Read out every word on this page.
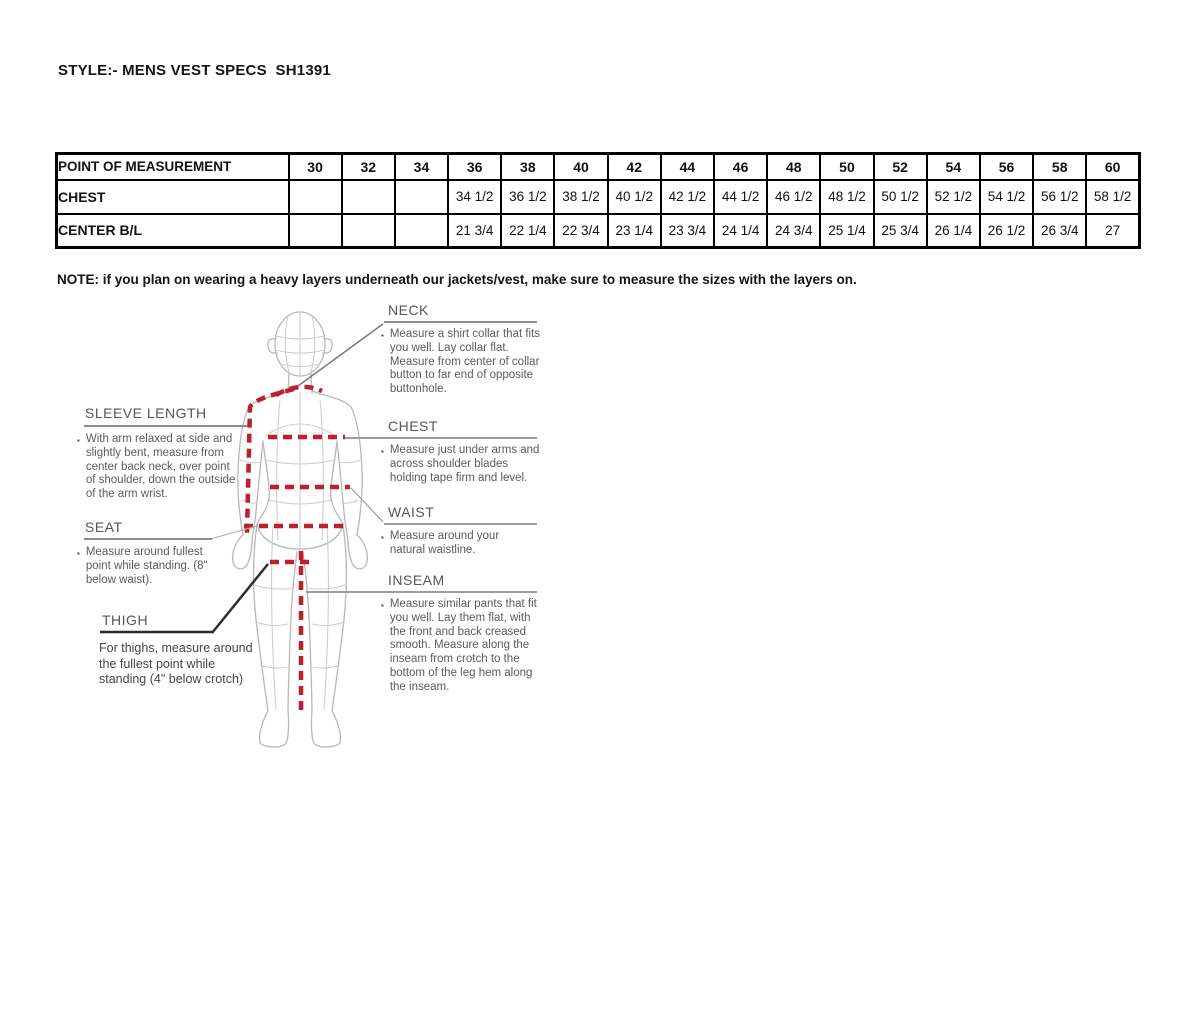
STYLE:- MENS VEST SPECS  SH1391
POINT OF MEASUREMENT	30	32	34	36	38	40	42	44	46	48	50	52	54	56	58	60
CHEST				34 1/2	36 1/2	38 1/2	40 1/2	42 1/2	44 1/2	46 1/2	48 1/2	50 1/2	52 1/2	54 1/2	56 1/2	58 1/2
CENTER B/L				21 3/4	22 1/4	22 3/4	23 1/4	23 3/4	24 1/4	24 3/4	25 1/4	25 3/4	26 1/4	26 1/2	26 3/4	27
NOTE: if you plan on wearing a heavy layers underneath our jackets/vest, make sure to measure the sizes with the layers on.
SLEEVE LENGTH
▪ With arm relaxed at side and slightly bent, measure from center back neck, over point of shoulder, down the outside of the arm wrist.
SEAT
▪ Measure around fullest point while standing. (8" below waist).
THIGH
For thighs, measure around the fullest point while standing (4" below crotch)
NECK
▪ Measure a shirt collar that fits you well. Lay collar flat. Measure from center of collar button to far end of opposite buttonhole.
CHEST
▪ Measure just under arms and across shoulder blades holding tape firm and level.
WAIST
▪ Measure around your natural waistline.
INSEAM
▪ Measure similar pants that fit you well. Lay them flat, with the front and back creased smooth. Measure along the inseam from crotch to the bottom of the leg hem along the inseam.
